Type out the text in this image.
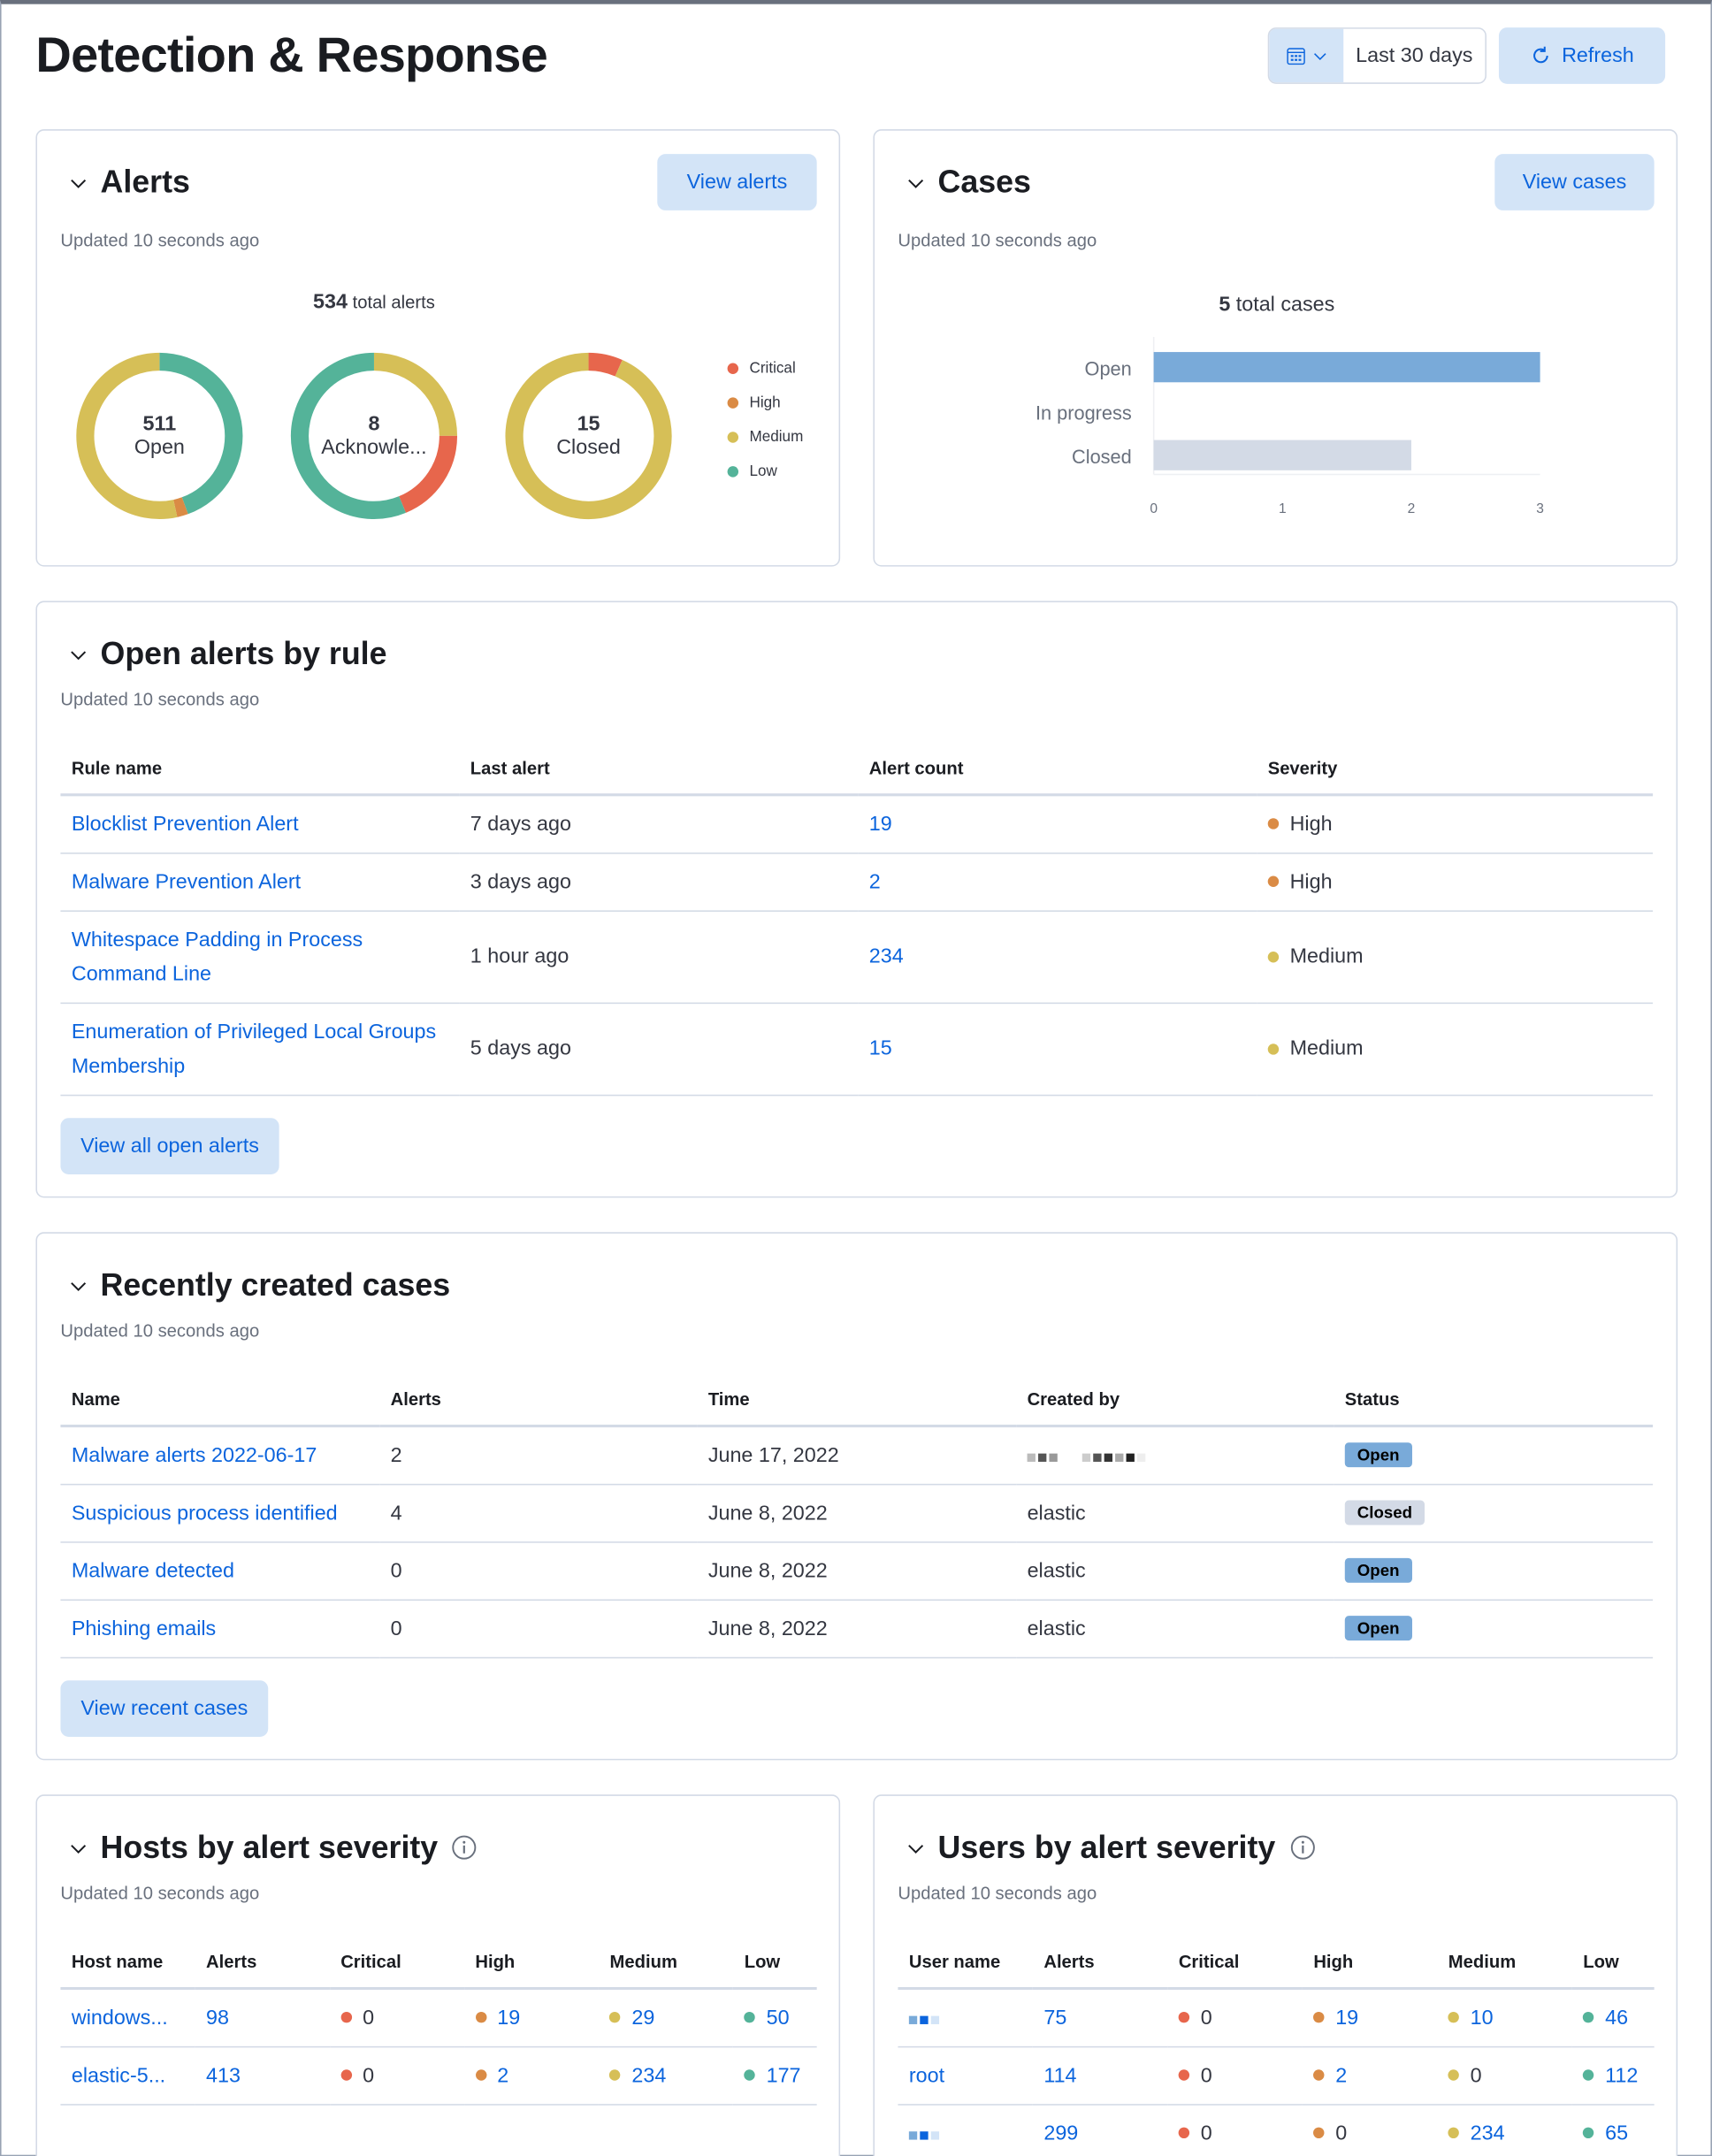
Detection & Response	Last 30 days	Refresh
Alerts	View alerts
Updated 10 seconds ago
534 total alerts
511
Open
8
Acknowle...
15
Closed
Critical
High
Medium
Low
Cases	View cases
Updated 10 seconds ago
5 total cases
Open
In progress
Closed
0	1	2	3
Open alerts by rule
Updated 10 seconds ago
Rule name	Last alert	Alert count	Severity
Blocklist Prevention Alert	7 days ago	19	High

Malware Prevention Alert	3 days ago	2	High

Whitespace Padding in Process Command Line	1 hour ago	234	Medium

Enumeration of Privileged Local Groups Membership	5 days ago	15	Medium
View all open alerts
Recently created cases
Updated 10 seconds ago
Name	Alerts	Time	Created by	Status
Malware alerts 2022-06-17	2	June 17, 2022		Open
Suspicious process identified	4	June 8, 2022	elastic	Closed
Malware detected	0	June 8, 2022	elastic	Open
Phishing emails	0	June 8, 2022	elastic	Open
View recent cases
Hosts by alert severity
Updated 10 seconds ago
Host name	Alerts	Critical	High	Medium	Low
windows...	98	0	19	29	50

elastic-5...	413	0	2	234	177
Users by alert severity
Updated 10 seconds ago
User name	Alerts	Critical	High	Medium	Low

	75	0	19	10	46

root	114	0	2	0	112

	299	0	0	234	65
